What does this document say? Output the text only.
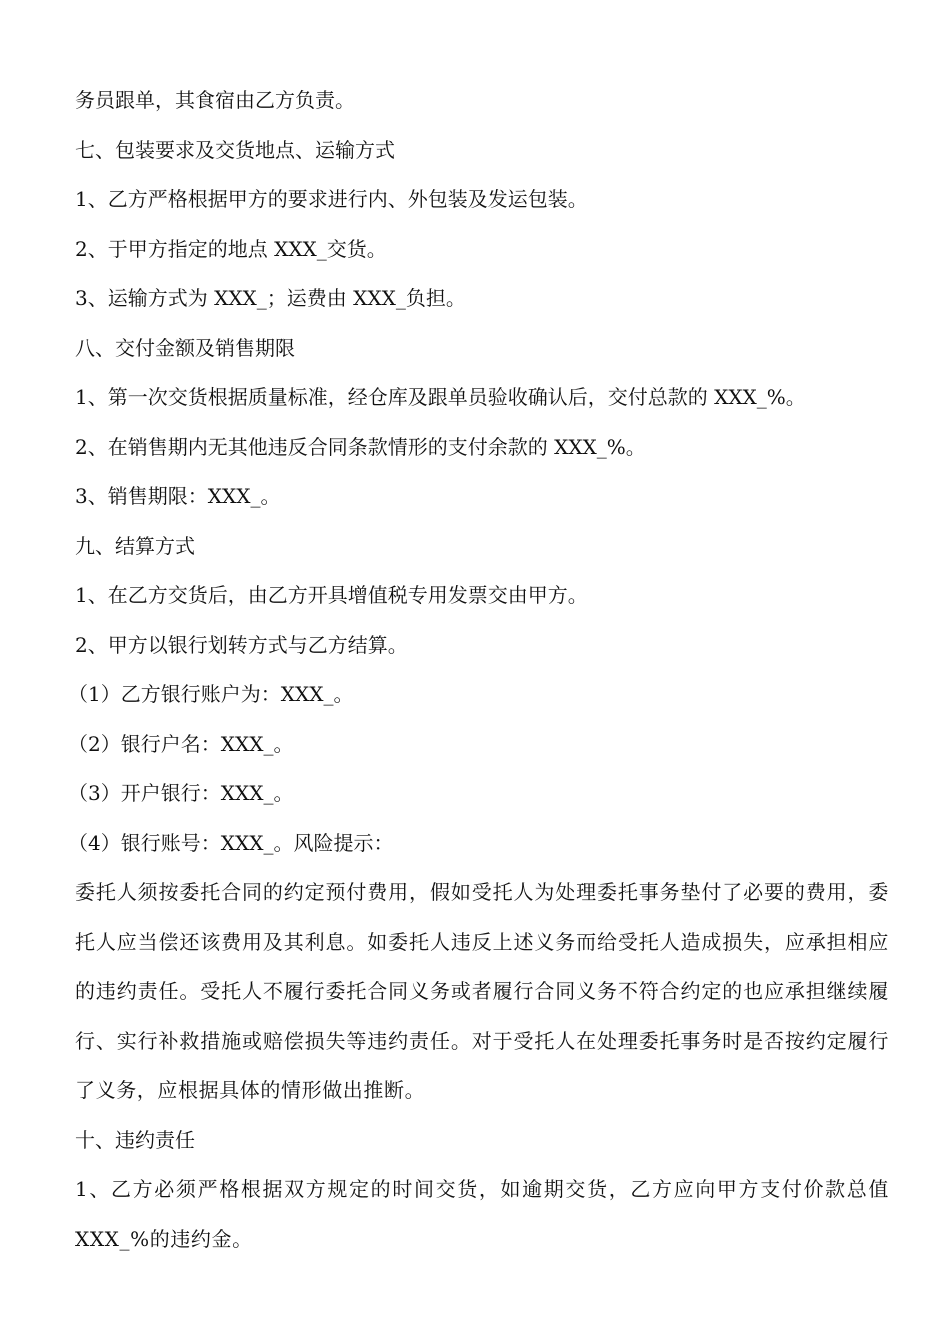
务员跟单，其食宿由乙方负责。
七、包装要求及交货地点、运输方式
1、乙方严格根据甲方的要求进行内、外包装及发运包装。
2、于甲方指定的地点 XXX_交货。
3、运输方式为 XXX_；运费由 XXX_负担。
八、交付金额及销售期限
1、第一次交货根据质量标准，经仓库及跟单员验收确认后，交付总款的 XXX_%。
2、在销售期内无其他违反合同条款情形的支付余款的 XXX_%。
3、销售期限：XXX_。
九、结算方式
1、在乙方交货后，由乙方开具增值税专用发票交由甲方。
2、甲方以银行划转方式与乙方结算。
（1）乙方银行账户为：XXX_。
（2）银行户名：XXX_。
（3）开户银行：XXX_。
（4）银行账号：XXX_。风险提示：
委托人须按委托合同的约定预付费用，假如受托人为处理委托事务垫付了必要的费用，委托人应当偿还该费用及其利息。如委托人违反上述义务而给受托人造成损失，应承担相应的违约责任。受托人不履行委托合同义务或者履行合同义务不符合约定的也应承担继续履行、实行补救措施或赔偿损失等违约责任。对于受托人在处理委托事务时是否按约定履行了义务，应根据具体的情形做出推断。
十、违约责任
1、乙方必须严格根据双方规定的时间交货，如逾期交货，乙方应向甲方支付价款总值 XXX_%的违约金。
